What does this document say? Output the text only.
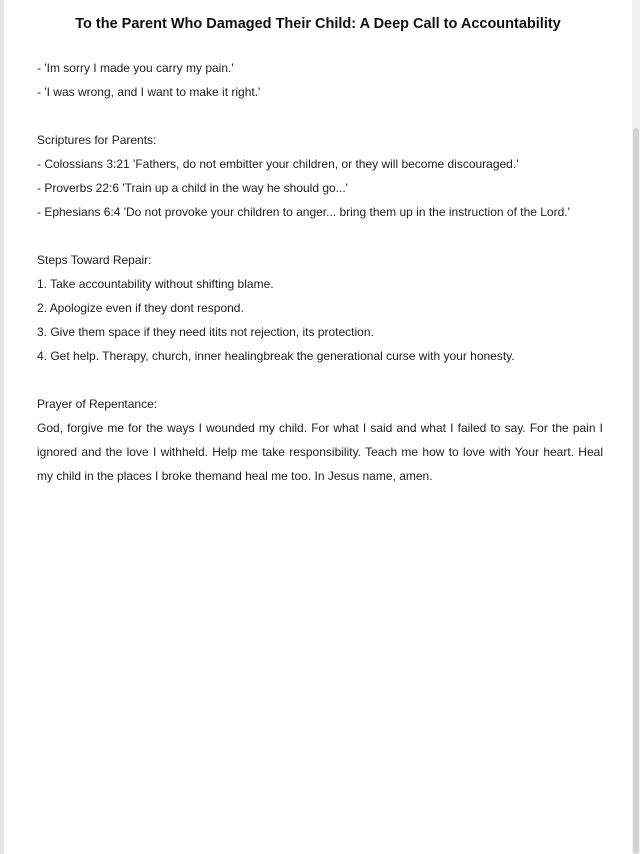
To the Parent Who Damaged Their Child: A Deep Call to Accountability
- 'Im sorry I made you carry my pain.'
- 'I was wrong, and I want to make it right.'
Scriptures for Parents:
- Colossians 3:21 'Fathers, do not embitter your children, or they will become discouraged.'
- Proverbs 22:6 'Train up a child in the way he should go...'
- Ephesians 6:4 'Do not provoke your children to anger... bring them up in the instruction of the Lord.'
Steps Toward Repair:
1. Take accountability without shifting blame.
2. Apologize even if they dont respond.
3. Give them space if they need itits not rejection, its protection.
4. Get help. Therapy, church, inner healingbreak the generational curse with your honesty.
Prayer of Repentance:
God, forgive me for the ways I wounded my child. For what I said and what I failed to say. For the pain I ignored and the love I withheld. Help me take responsibility. Teach me how to love with Your heart. Heal my child in the places I broke themand heal me too. In Jesus name, amen.
